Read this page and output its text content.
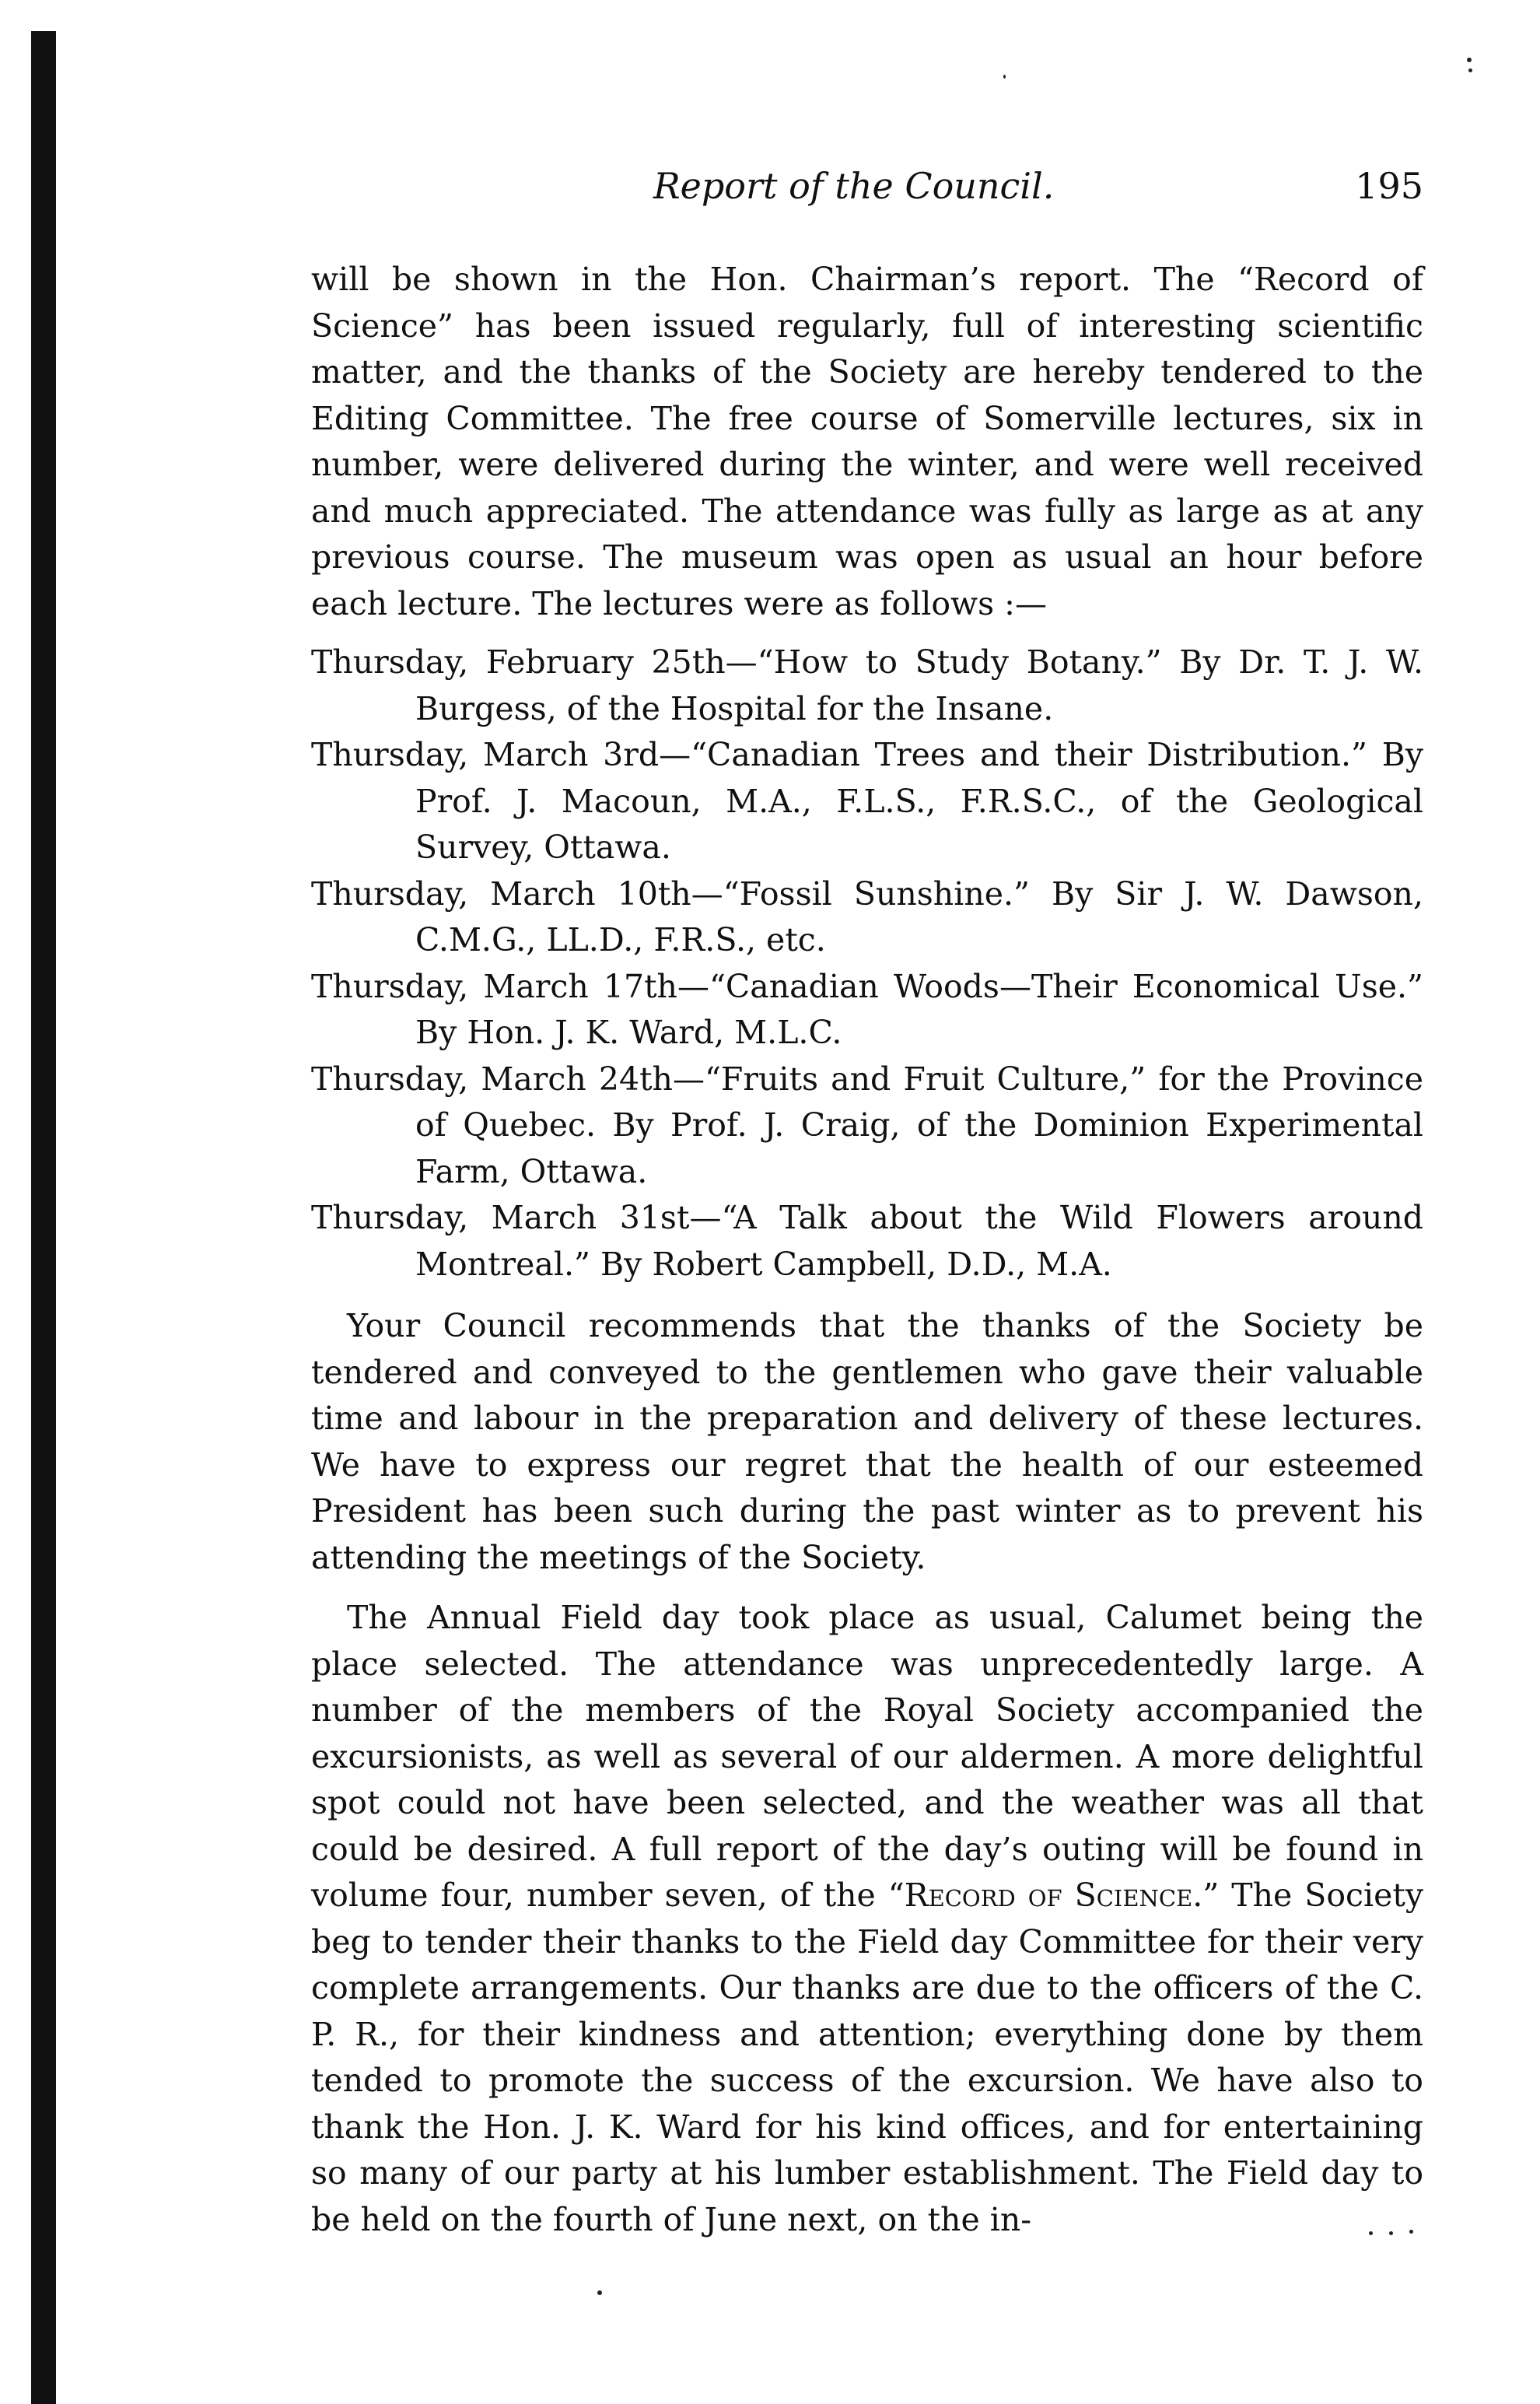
Report of the Council.	195

will be shown in the Hon. Chairman’s report. The “Record of Science” has been issued regularly, full of interesting scientific matter, and the thanks of the Society are hereby tendered to the Editing Committee. The free course of Somerville lectures, six in number, were delivered during the winter, and were well received and much appreciated. The attendance was fully as large as at any previous course. The museum was open as usual an hour before each lecture. The lectures were as follows :—

Thursday, February 25th—“How to Study Botany.” By Dr. T. J. W. Burgess, of the Hospital for the Insane.

Thursday, March 3rd—“Canadian Trees and their Distribution.” By Prof. J. Macoun, M.A., F.L.S., F.R.S.C., of the Geological Survey, Ottawa.

Thursday, March 10th—“Fossil Sunshine.” By Sir J. W. Dawson, C.M.G., LL.D., F.R.S., etc.

Thursday, March 17th—“Canadian Woods—Their Economical Use.” By Hon. J. K. Ward, M.L.C.

Thursday, March 24th—“Fruits and Fruit Culture,” for the Province of Quebec. By Prof. J. Craig, of the Dominion Experimental Farm, Ottawa.

Thursday, March 31st—“A Talk about the Wild Flowers around Montreal.” By Robert Campbell, D.D., M.A.

Your Council recommends that the thanks of the Society be tendered and conveyed to the gentlemen who gave their valuable time and labour in the preparation and delivery of these lectures. We have to express our regret that the health of our esteemed President has been such during the past winter as to prevent his attending the meetings of the Society.

The Annual Field day took place as usual, Calumet being the place selected. The attendance was unprecedentedly large. A number of the members of the Royal Society accompanied the excursionists, as well as several of our aldermen. A more delightful spot could not have been selected, and the weather was all that could be desired. A full report of the day’s outing will be found in volume four, number seven, of the “Record of Science.” The Society beg to tender their thanks to the Field day Committee for their very complete arrangements. Our thanks are due to the officers of the C. P. R., for their kindness and attention; everything done by them tended to promote the success of the excursion. We have also to thank the Hon. J. K. Ward for his kind offices, and for entertaining so many of our party at his lumber establishment. The Field day to be held on the fourth of June next, on the in-
